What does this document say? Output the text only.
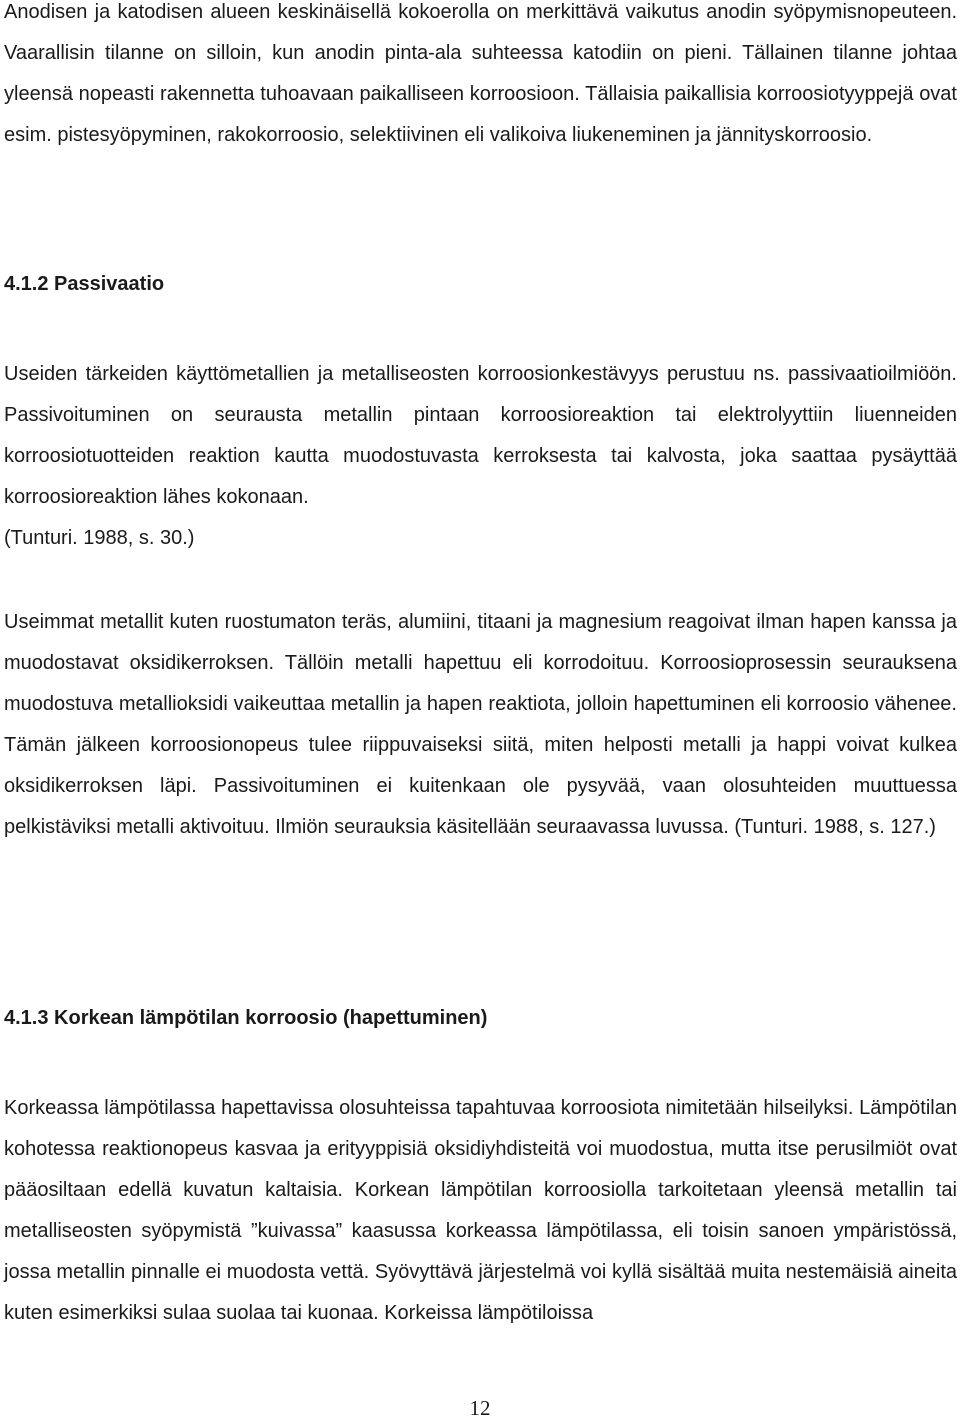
Anodisen ja katodisen alueen keskinäisellä kokoerolla on merkittävä vaikutus anodin syöpymisnopeuteen. Vaarallisin tilanne on silloin, kun anodin pinta-ala suhteessa katodiin on pieni. Tällainen tilanne johtaa yleensä nopeasti rakennetta tuhoavaan paikalliseen korroosioon. Tällaisia paikallisia korroosiotyyppejä ovat esim. pistesyöpyminen, rakokorroosio, selektiivinen eli valikoiva liukeneminen ja jännityskorroosio.

4.1.2 Passivaatio
Useiden tärkeiden käyttömetallien ja metalliseosten korroosionkestävyys perustuu ns. passivaatioilmiöön. Passivoituminen on seurausta metallin pintaan korroosioreaktion tai elektrolyyttiin liuenneiden korroosiotuotteiden reaktion kautta muodostuvasta kerroksesta tai kalvosta, joka saattaa pysäyttää korroosioreaktion lähes kokonaan.
(Tunturi. 1988, s. 30.)

Useimmat metallit kuten ruostumaton teräs, alumiini, titaani ja magnesium reagoivat ilman hapen kanssa ja muodostavat oksidikerroksen. Tällöin metalli hapettuu eli korrodoituu. Korroosioprosessin seurauksena muodostuva metallioksidi vaikeuttaa metallin ja hapen reaktiota, jolloin hapettuminen eli korroosio vähenee. Tämän jälkeen korroosionopeus tulee riippuvaiseksi siitä, miten helposti metalli ja happi voivat kulkea oksidikerroksen läpi. Passivoituminen ei kuitenkaan ole pysyvää, vaan olosuhteiden muuttuessa pelkistäviksi metalli aktivoituu. Ilmiön seurauksia käsitellään seuraavassa luvussa. (Tunturi. 1988, s. 127.)

4.1.3 Korkean lämpötilan korroosio (hapettuminen)

Korkeassa lämpötilassa hapettavissa olosuhteissa tapahtuvaa korroosiota nimitetään hilseilyksi. Lämpötilan kohotessa reaktionopeus kasvaa ja erityyppisiä oksidiyhdisteitä voi muodostua, mutta itse perusilmiöt ovat pääosiltaan edellä kuvatun kaltaisia. Korkean lämpötilan korroosiolla tarkoitetaan yleensä metallin tai metalliseosten syöpymistä ”kuivassa” kaasussa korkeassa lämpötilassa, eli toisin sanoen ympäristössä, jossa metallin pinnalle ei muodosta vettä. Syövyttävä järjestelmä voi kyllä sisältää muita nestemäisiä aineita kuten esimerkiksi sulaa suolaa tai kuonaa. Korkeissa lämpötiloissa

12
